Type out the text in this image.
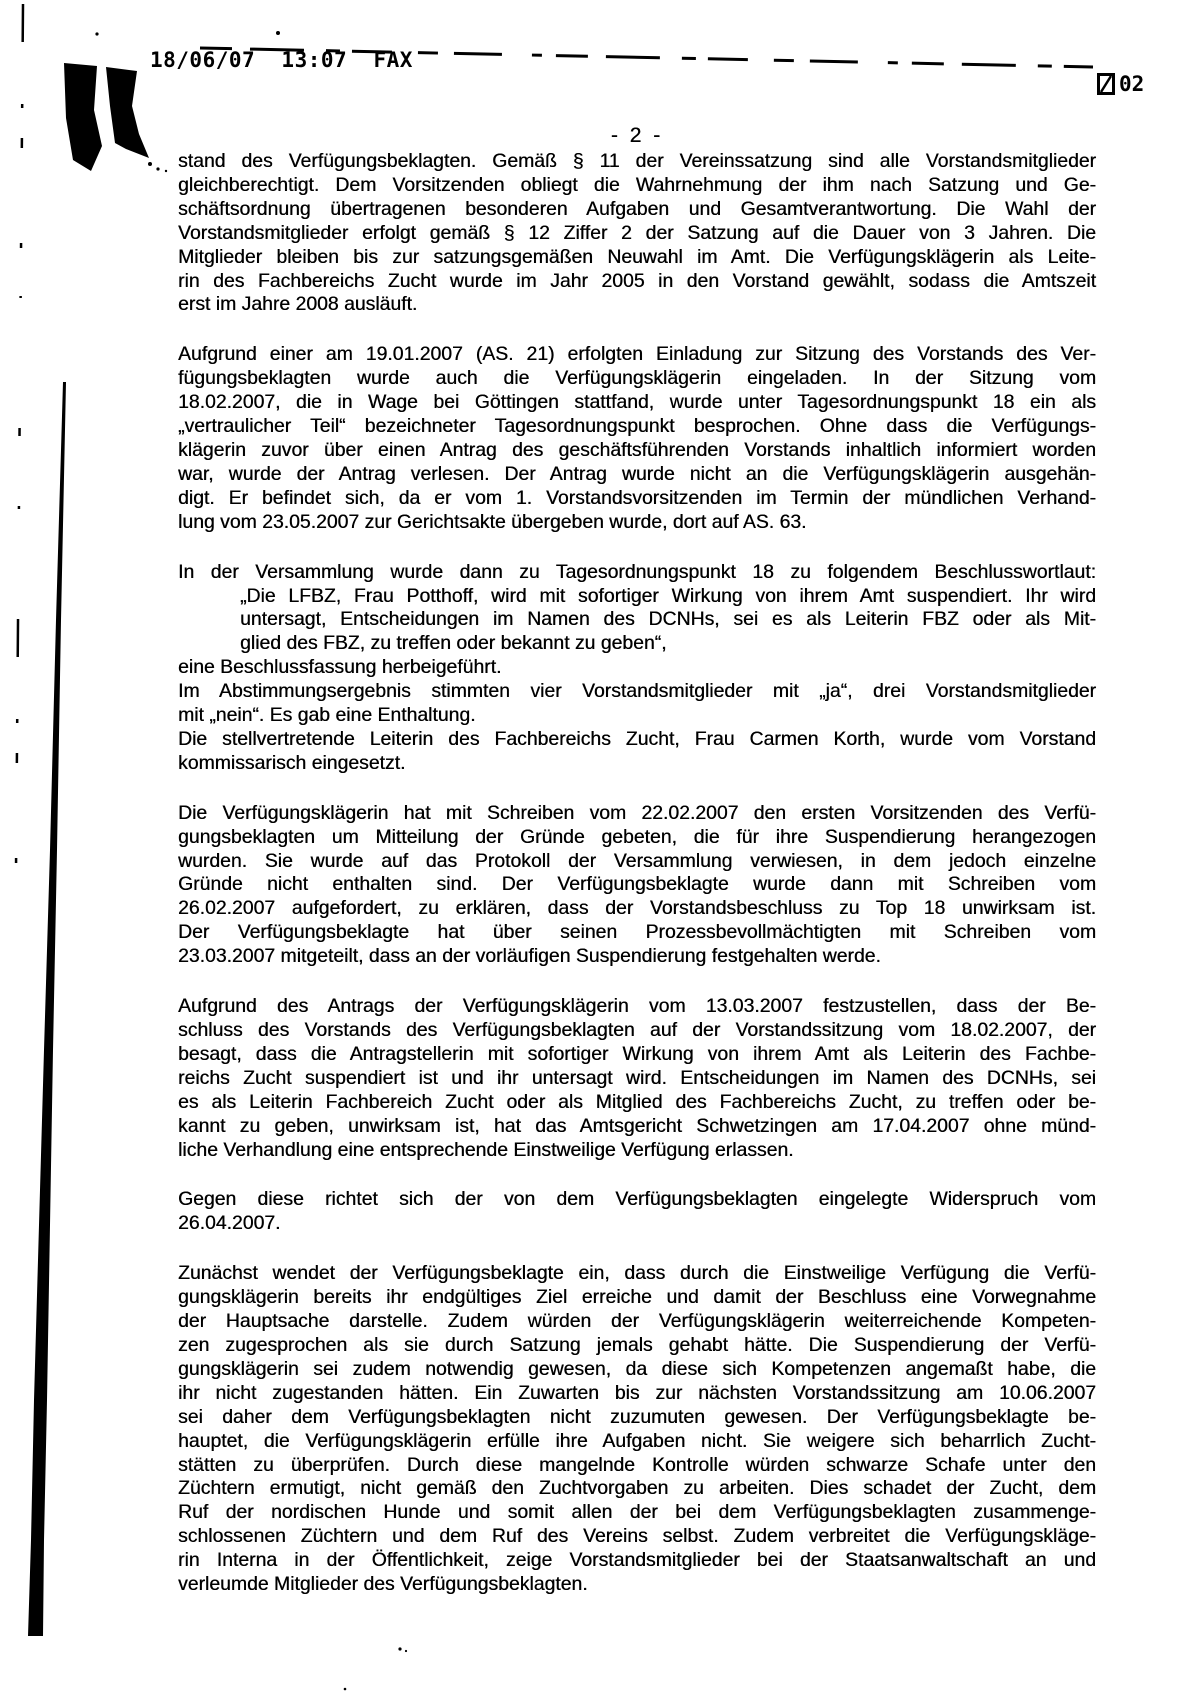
18/06/07  13:07 FAX
02
- 2 -
stand des Verfügungsbeklagten. Gemäß § 11 der Vereinssatzung sind alle Vorstandsmitglieder
gleichberechtigt. Dem Vorsitzenden obliegt die Wahrnehmung der ihm nach Satzung und Ge-
schäftsordnung übertragenen besonderen Aufgaben und Gesamtverantwortung. Die Wahl der
Vorstandsmitglieder erfolgt gemäß § 12 Ziffer 2 der Satzung auf die Dauer von 3 Jahren. Die
Mitglieder bleiben bis zur satzungsgemäßen Neuwahl im Amt. Die Verfügungsklägerin als Leite-
rin des Fachbereichs Zucht wurde im Jahr 2005 in den Vorstand gewählt, sodass die Amtszeit
erst im Jahre 2008 ausläuft.
Aufgrund einer am 19.01.2007 (AS. 21) erfolgten Einladung zur Sitzung des Vorstands des Ver-
fügungsbeklagten wurde auch die Verfügungsklägerin eingeladen. In der Sitzung vom
18.02.2007, die in Wage bei Göttingen stattfand, wurde unter Tagesordnungspunkt 18 ein als
„vertraulicher Teil“ bezeichneter Tagesordnungspunkt besprochen. Ohne dass die Verfügungs-
klägerin zuvor über einen Antrag des geschäftsführenden Vorstands inhaltlich informiert worden
war, wurde der Antrag verlesen. Der Antrag wurde nicht an die Verfügungsklägerin ausgehän-
digt. Er befindet sich, da er vom 1. Vorstandsvorsitzenden im Termin der mündlichen Verhand-
lung vom 23.05.2007 zur Gerichtsakte übergeben wurde, dort auf AS. 63.
In der Versammlung wurde dann zu Tagesordnungspunkt 18 zu folgendem Beschlusswortlaut:
„Die LFBZ, Frau Potthoff, wird mit sofortiger Wirkung von ihrem Amt suspendiert. Ihr wird
untersagt, Entscheidungen im Namen des DCNHs, sei es als Leiterin FBZ oder als Mit-
glied des FBZ, zu treffen oder bekannt zu geben“,
eine Beschlussfassung herbeigeführt.
Im Abstimmungsergebnis stimmten vier Vorstandsmitglieder mit „ja“, drei Vorstandsmitglieder
mit „nein“. Es gab eine Enthaltung.
Die stellvertretende Leiterin des Fachbereichs Zucht, Frau Carmen Korth, wurde vom Vorstand
kommissarisch eingesetzt.
Die Verfügungsklägerin hat mit Schreiben vom 22.02.2007 den ersten Vorsitzenden des Verfü-
gungsbeklagten um Mitteilung der Gründe gebeten, die für ihre Suspendierung herangezogen
wurden. Sie wurde auf das Protokoll der Versammlung verwiesen, in dem jedoch einzelne
Gründe nicht enthalten sind. Der Verfügungsbeklagte wurde dann mit Schreiben vom
26.02.2007 aufgefordert, zu erklären, dass der Vorstandsbeschluss zu Top 18 unwirksam ist.
Der Verfügungsbeklagte hat über seinen Prozessbevollmächtigten mit Schreiben vom
23.03.2007 mitgeteilt, dass an der vorläufigen Suspendierung festgehalten werde.
Aufgrund des Antrags der Verfügungsklägerin vom 13.03.2007 festzustellen, dass der Be-
schluss des Vorstands des Verfügungsbeklagten auf der Vorstandssitzung vom 18.02.2007, der
besagt, dass die Antragstellerin mit sofortiger Wirkung von ihrem Amt als Leiterin des Fachbe-
reichs Zucht suspendiert ist und ihr untersagt wird. Entscheidungen im Namen des DCNHs, sei
es als Leiterin Fachbereich Zucht oder als Mitglied des Fachbereichs Zucht, zu treffen oder be-
kannt zu geben, unwirksam ist, hat das Amtsgericht Schwetzingen am 17.04.2007 ohne münd-
liche Verhandlung eine entsprechende Einstweilige Verfügung erlassen.
Gegen diese richtet sich der von dem Verfügungsbeklagten eingelegte Widerspruch vom
26.04.2007.
Zunächst wendet der Verfügungsbeklagte ein, dass durch die Einstweilige Verfügung die Verfü-
gungsklägerin bereits ihr endgültiges Ziel erreiche und damit der Beschluss eine Vorwegnahme
der Hauptsache darstelle. Zudem würden der Verfügungsklägerin weiterreichende Kompeten-
zen zugesprochen als sie durch Satzung jemals gehabt hätte. Die Suspendierung der Verfü-
gungsklägerin sei zudem notwendig gewesen, da diese sich Kompetenzen angemaßt habe, die
ihr nicht zugestanden hätten. Ein Zuwarten bis zur nächsten Vorstandssitzung am 10.06.2007
sei daher dem Verfügungsbeklagten nicht zuzumuten gewesen. Der Verfügungsbeklagte be-
hauptet, die Verfügungsklägerin erfülle ihre Aufgaben nicht. Sie weigere sich beharrlich Zucht-
stätten zu überprüfen. Durch diese mangelnde Kontrolle würden schwarze Schafe unter den
Züchtern ermutigt, nicht gemäß den Zuchtvorgaben zu arbeiten. Dies schadet der Zucht, dem
Ruf der nordischen Hunde und somit allen der bei dem Verfügungsbeklagten zusammenge-
schlossenen Züchtern und dem Ruf des Vereins selbst. Zudem verbreitet die Verfügungskläge-
rin Interna in der Öffentlichkeit, zeige Vorstandsmitglieder bei der Staatsanwaltschaft an und
verleumde Mitglieder des Verfügungsbeklagten.
